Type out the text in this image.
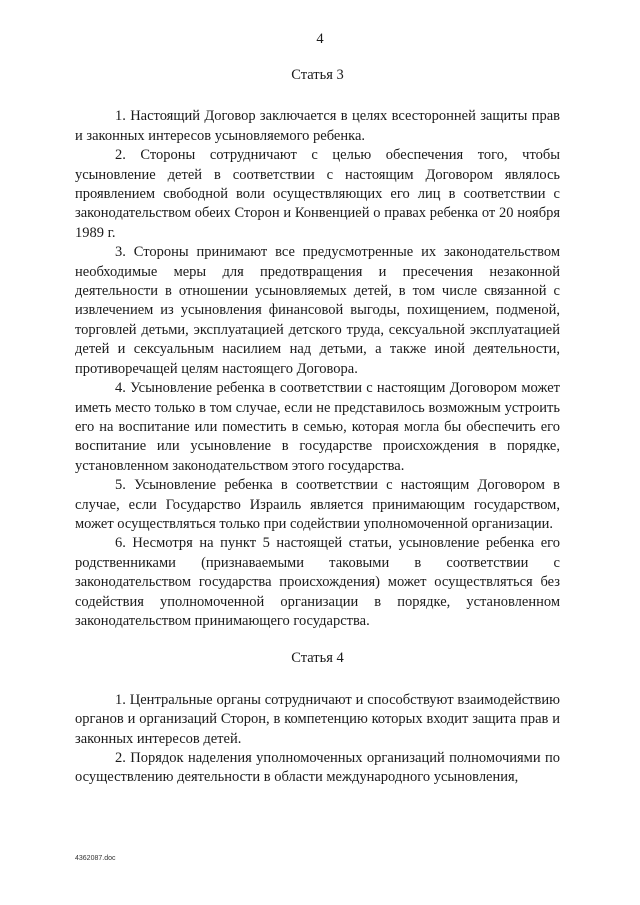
4
Статья 3

1. Настоящий Договор заключается в целях всесторонней защиты прав и законных интересов усыновляемого ребенка.

2. Стороны сотрудничают с целью обеспечения того, чтобы усыновление детей в соответствии с настоящим Договором являлось проявлением свободной воли осуществляющих его лиц в соответствии с законодательством обеих Сторон и Конвенцией о правах ребенка от 20 ноября 1989 г.

3. Стороны принимают все предусмотренные их законодательством необходимые меры для предотвращения и пресечения незаконной деятельности в отношении усыновляемых детей, в том числе связанной с извлечением из усыновления финансовой выгоды, похищением, подменой, торговлей детьми, эксплуатацией детского труда, сексуальной эксплуатацией детей и сексуальным насилием над детьми, а также иной деятельности, противоречащей целям настоящего Договора.

4. Усыновление ребенка в соответствии с настоящим Договором может иметь место только в том случае, если не представилось возможным устроить его на воспитание или поместить в семью, которая могла бы обеспечить его воспитание или усыновление в государстве происхождения в порядке, установленном законодательством этого государства.

5. Усыновление ребенка в соответствии с настоящим Договором в случае, если Государство Израиль является принимающим государством, может осуществляться только при содействии уполномоченной организации.

6. Несмотря на пункт 5 настоящей статьи, усыновление ребенка его родственниками (признаваемыми таковыми в соответствии с законодательством государства происхождения) может осуществляться без содействия уполномоченной организации в порядке, установленном законодательством принимающего государства.

Статья 4

1. Центральные органы сотрудничают и способствуют взаимодействию органов и организаций Сторон, в компетенцию которых входит защита прав и законных интересов детей.

2. Порядок наделения уполномоченных организаций полномочиями по осуществлению деятельности в области международного усыновления,

4362087.doc
